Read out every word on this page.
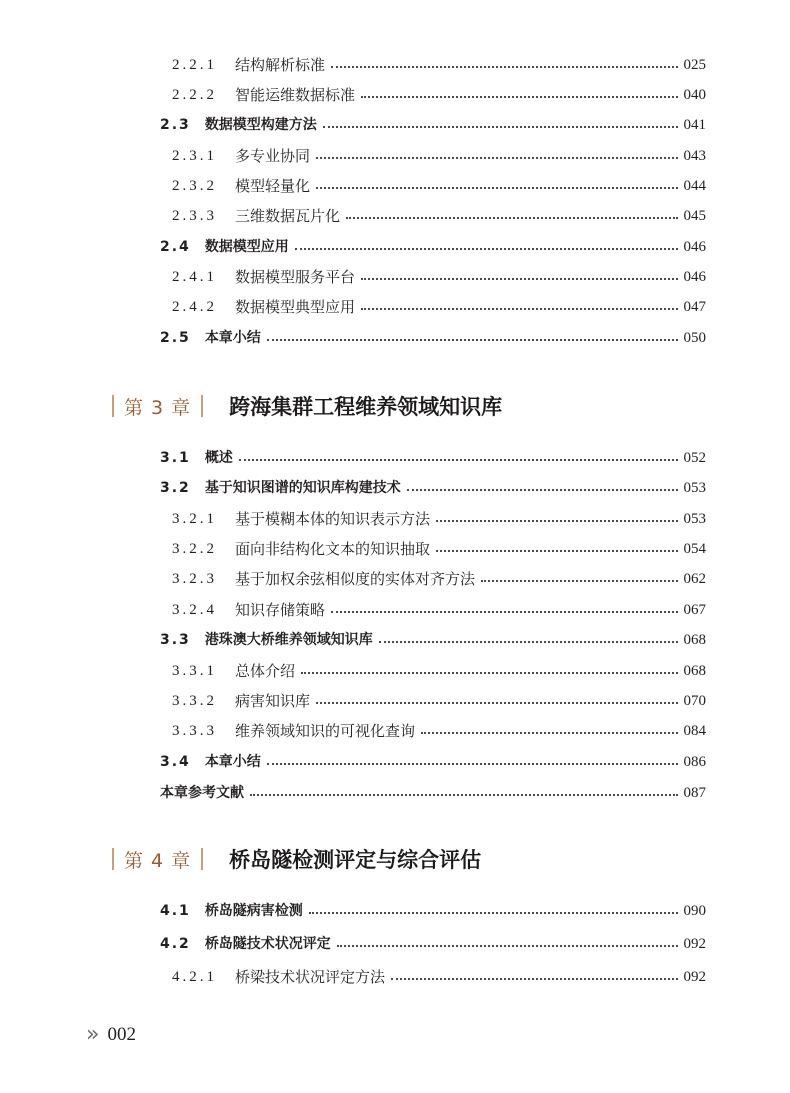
2.2.1 结构解析标准	025
2.2.2 智能运维数据标准	040
2.3 数据模型构建方法	041
2.3.1 多专业协同	043
2.3.2 模型轻量化	044
2.3.3 三维数据瓦片化	045
2.4 数据模型应用	046
2.4.1 数据模型服务平台	046
2.4.2 数据模型典型应用	047
2.5 本章小结	050
第 3 章 跨海集群工程维养领域知识库
3.1 概述	052
3.2 基于知识图谱的知识库构建技术	053
3.2.1 基于模糊本体的知识表示方法	053
3.2.2 面向非结构化文本的知识抽取	054
3.2.3 基于加权余弦相似度的实体对齐方法	062
3.2.4 知识存储策略	067
3.3 港珠澳大桥维养领域知识库	068
3.3.1 总体介绍	068
3.3.2 病害知识库	070
3.3.3 维养领域知识的可视化查询	084
3.4 本章小结	086
本章参考文献	087
第 4 章 桥岛隧检测评定与综合评估
4.1 桥岛隧病害检测	090
4.2 桥岛隧技术状况评定	092
4.2.1 桥梁技术状况评定方法	092
» 002
